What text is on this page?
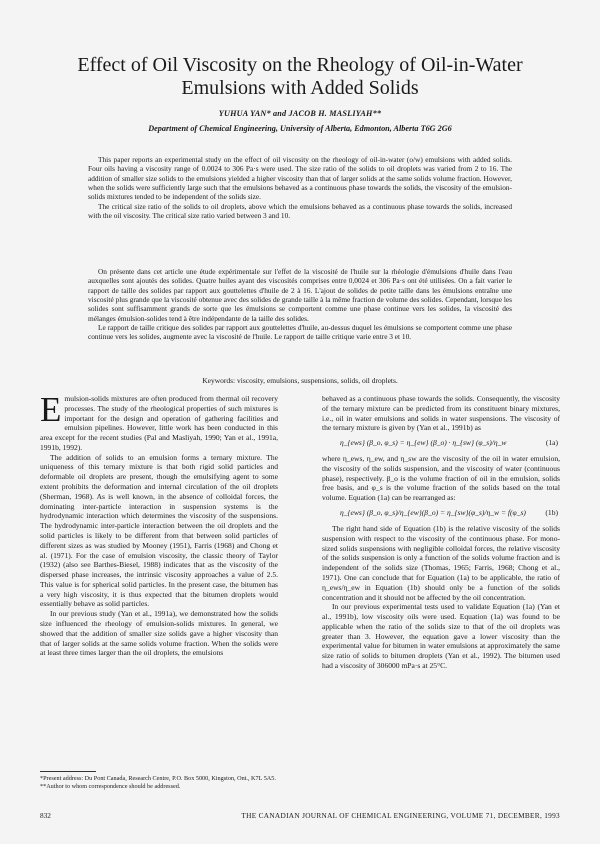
Effect of Oil Viscosity on the Rheology of Oil-in-Water Emulsions with Added Solids
YUHUA YAN* and JACOB H. MASLIYAH**
Department of Chemical Engineering, University of Alberta, Edmonton, Alberta T6G 2G6

This paper reports an experimental study on the effect of oil viscosity on the rheology of oil-in-water (o/w) emulsions with added solids. Four oils having a viscosity range of 0.0024 to 306 Pa·s were used. The size ratio of the solids to oil droplets was varied from 2 to 16. The addition of smaller size solids to the emulsions yielded a higher viscosity than that of larger solids at the same solids volume fraction. However, when the solids were sufficiently large such that the emulsions behaved as a continuous phase towards the solids, the viscosity of the emulsion-solids mixtures tended to be independent of the solids size.

The critical size ratio of the solids to oil droplets, above which the emulsions behaved as a continuous phase towards the solids, increased with the oil viscosity. The critical size ratio varied between 3 and 10.

On présente dans cet article une étude expérimentale sur l'effet de la viscosité de l'huile sur la rhéologie d'émulsions d'huile dans l'eau auxquelles sont ajoutés des solides. Quatre huiles ayant des viscosités comprises entre 0,0024 et 306 Pa·s ont été utilisées. On a fait varier le rapport de taille des solides par rapport aux gouttelettes d'huile de 2 à 16. L'ajout de solides de petite taille dans les émulsions entraîne une viscosité plus grande que la viscosité obtenue avec des solides de grande taille à la même fraction de volume des solides. Cependant, lorsque les solides sont suffisamment grands de sorte que les émulsions se comportent comme une phase continue vers les solides, la viscosité des mélanges émulsion-solides tend à être indépendante de la taille des solides.

Le rapport de taille critique des solides par rapport aux gouttelettes d'huile, au-dessus duquel les émulsions se comportent comme une phase continue vers les solides, augmente avec la viscosité de l'huile. Le rapport de taille critique varie entre 3 et 10.

Keywords: viscosity, emulsions, suspensions, solids, oil droplets.

Emulsion-solids mixtures are often produced from thermal oil recovery processes. The study of the rheological properties of such mixtures is important for the design and operation of gathering facilities and emulsion pipelines. However, little work has been conducted in this area except for the recent studies (Pal and Masliyah, 1990; Yan et al., 1991a, 1991b, 1992).

The addition of solids to an emulsion forms a ternary mixture. The uniqueness of this ternary mixture is that both rigid solid particles and deformable oil droplets are present, though the emulsifying agent to some extent prohibits the deformation and internal circulation of the oil droplets (Sherman, 1968). As is well known, in the absence of colloidal forces, the dominating inter-particle interaction in suspension systems is the hydrodynamic interaction which determines the viscosity of the suspensions. The hydrodynamic inter-particle interaction between the oil droplets and the solid particles is likely to be different from that between solid particles of different sizes as was studied by Mooney (1951), Farris (1968) and Chong et al. (1971). For the case of emulsion viscosity, the classic theory of Taylor (1932) (also see Barthes-Biesel, 1988) indicates that as the viscosity of the dispersed phase increases, the intrinsic viscosity approaches a value of 2.5. This value is for spherical solid particles. In the present case, the bitumen has a very high viscosity, it is thus expected that the bitumen droplets would essentially behave as solid particles.

In our previous study (Yan et al., 1991a), we demonstrated how the solids size influenced the rheology of emulsion-solids mixtures. In general, we showed that the addition of smaller size solids gave a higher viscosity than that of larger solids at the same solids volume fraction. When the solids were at least three times larger than the oil droplets, the emulsions

behaved as a continuous phase towards the solids. Consequently, the viscosity of the ternary mixture can be predicted from its constituent binary mixtures, i.e., oil in water emulsions and solids in water suspensions. The viscosity of the ternary mixture is given by (Yan et al., 1991b) as

η_{ews} (β_o, φ_s) = η_{ew} (β_o) · η_{sw} (φ_s)/η_w	(1a)

where η_ews, η_ew, and η_sw are the viscosity of the oil in water emulsion, the viscosity of the solids suspension, and the viscosity of water (continuous phase), respectively. β_o is the volume fraction of oil in the emulsion, solids free basis, and φ_s is the volume fraction of the solids based on the total volume. Equation (1a) can be rearranged as:

η_{ews} (β_o, φ_s)/η_{ew}(β_o) = η_{sw}(φ_s)/η_w = f(φ_s)	(1b)

The right hand side of Equation (1b) is the relative viscosity of the solids suspension with respect to the viscosity of the continuous phase. For mono-sized solids suspensions with negligible colloidal forces, the relative viscosity of the solids suspension is only a function of the solids volume fraction and is independent of the solids size (Thomas, 1965; Farris, 1968; Chong et al., 1971). One can conclude that for Equation (1a) to be applicable, the ratio of η_ews/η_ew in Equation (1b) should only be a function of the solids concentration and it should not be affected by the oil concentration.

In our previous experimental tests used to validate Equation (1a) (Yan et al., 1991b), low viscosity oils were used. Equation (1a) was found to be applicable when the ratio of the solids size to that of the oil droplets was greater than 3. However, the equation gave a lower viscosity than the experimental value for bitumen in water emulsions at approximately the same size ratio of solids to bitumen droplets (Yan et al., 1992). The bitumen used had a viscosity of 306000 mPa·s at 25°C.

*Present address: Du Pont Canada, Research Centre, P.O. Box 5000, Kingston, Ont., K7L 5A5.
**Author to whom correspondence should be addressed.
832	THE CANADIAN JOURNAL OF CHEMICAL ENGINEERING, VOLUME 71, DECEMBER, 1993
